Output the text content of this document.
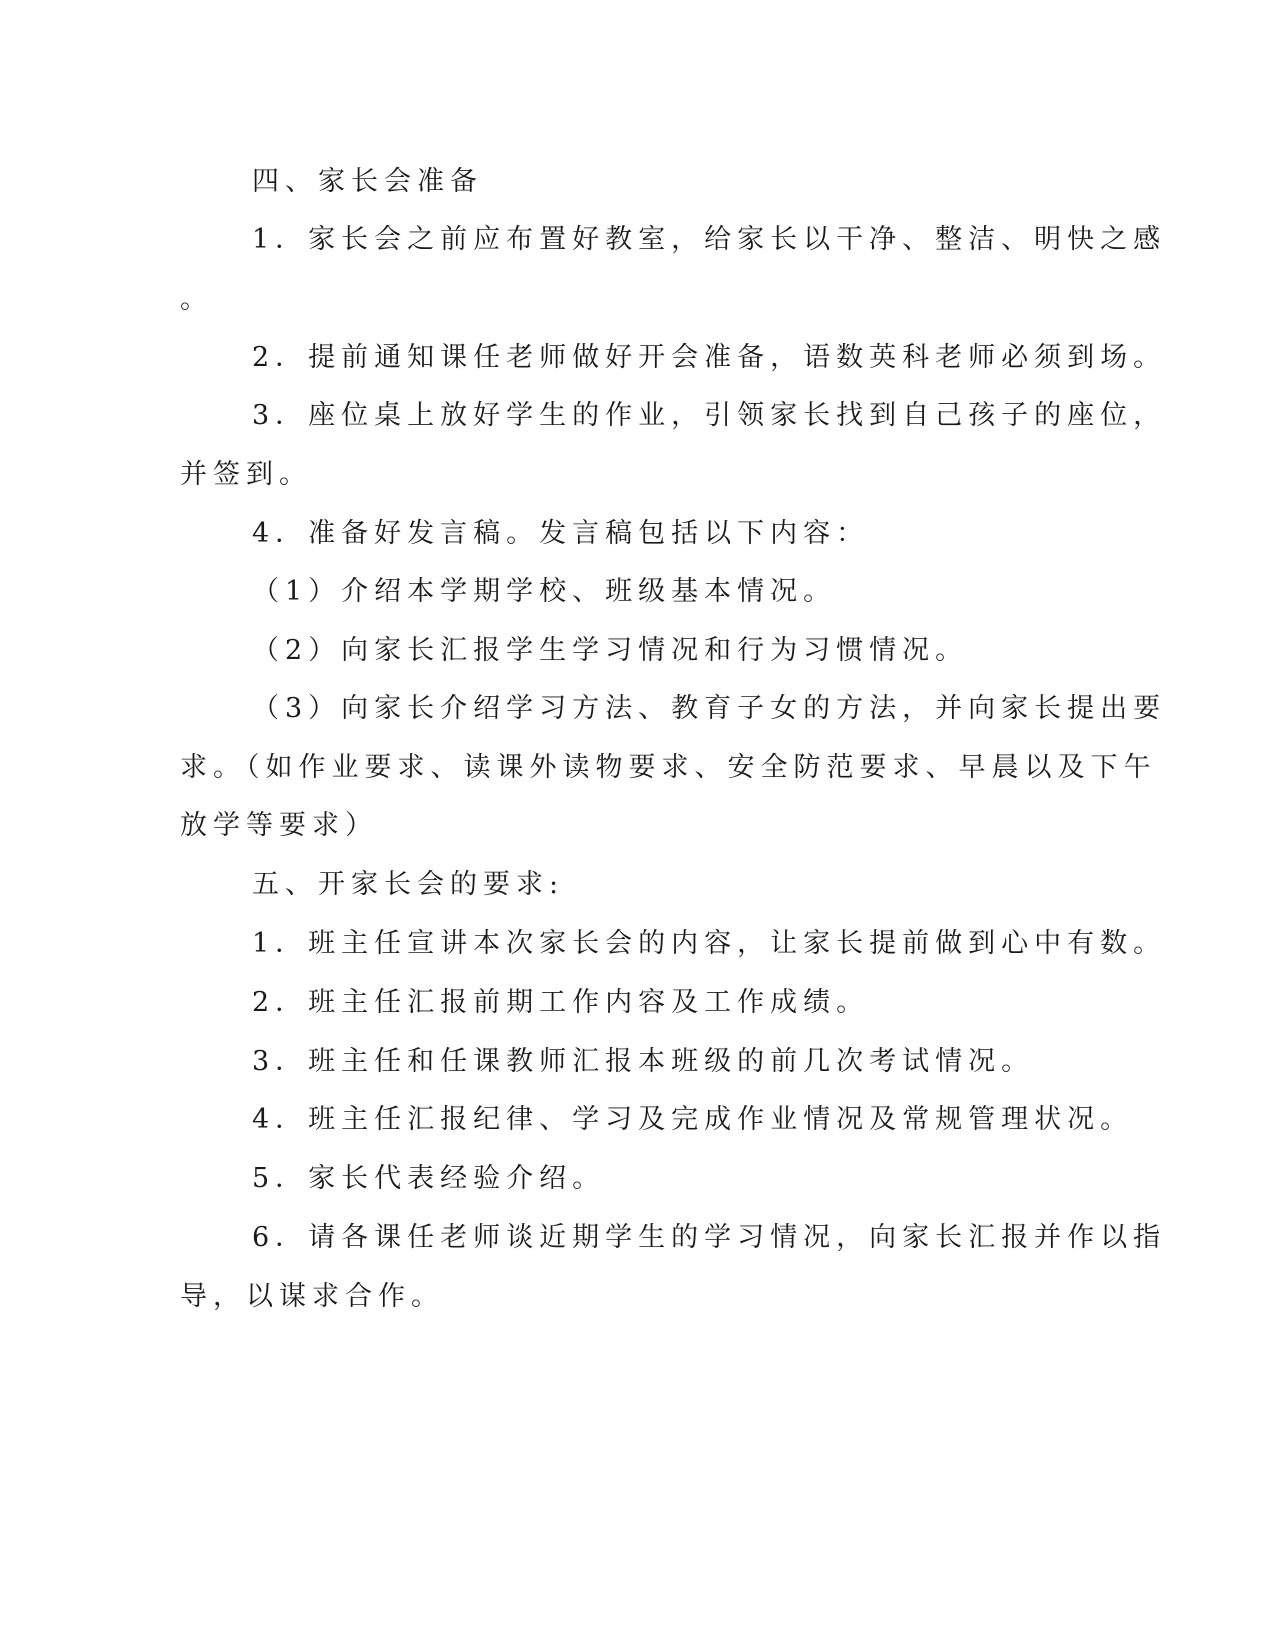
四、家长会准备
1．家长会之前应布置好教室，给家长以干净、整洁、明快之感
。
2．提前通知课任老师做好开会准备，语数英科老师必须到场。
3．座位桌上放好学生的作业，引领家长找到自己孩子的座位，
并签到。
4．准备好发言稿。发言稿包括以下内容：
（1）介绍本学期学校、班级基本情况。
（2）向家长汇报学生学习情况和行为习惯情况。
（3）向家长介绍学习方法、教育子女的方法，并向家长提出要
求。（如作业要求、读课外读物要求、安全防范要求、早晨以及下午
放学等要求）
五、开家长会的要求:
1．班主任宣讲本次家长会的内容，让家长提前做到心中有数。
2．班主任汇报前期工作内容及工作成绩。
3．班主任和任课教师汇报本班级的前几次考试情况。
4．班主任汇报纪律、学习及完成作业情况及常规管理状况。
5．家长代表经验介绍。
6．请各课任老师谈近期学生的学习情况，向家长汇报并作以指
导，以谋求合作。
